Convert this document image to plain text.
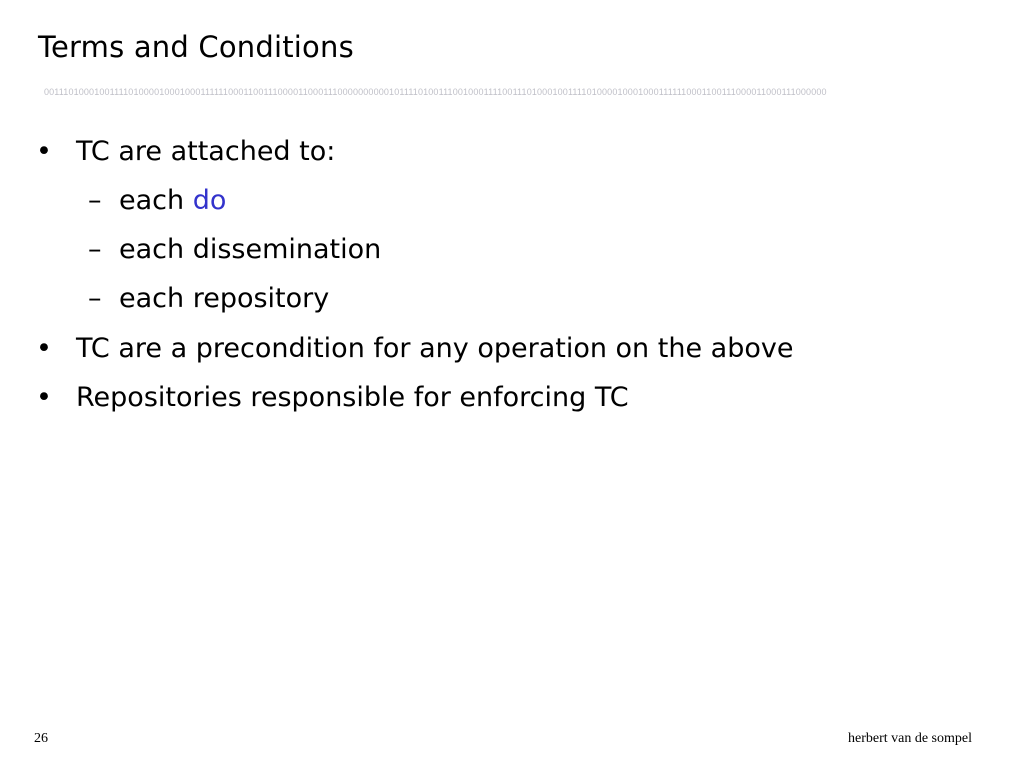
Terms and Conditions
0011101000100111101000010001000111111000110011100001100011100000000001011110100111001000111100111010001001111010000100010001111110001100111000011000111000000
• TC are attached to:
– each do
– each dissemination
– each repository
• TC are a precondition for any operation on the above
• Repositories responsible for enforcing TC
26	herbert van de sompel
